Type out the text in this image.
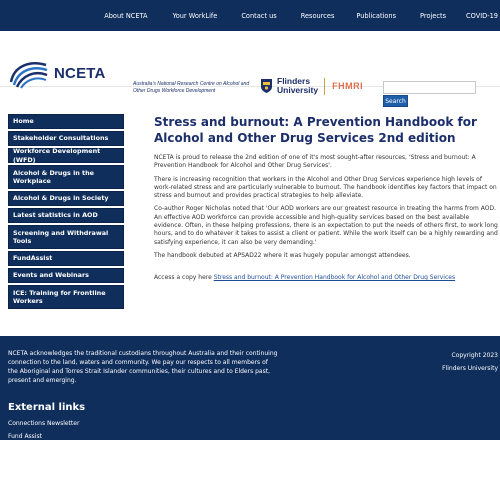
About NCETA	Your WorkLife	Contact us	Resources	Publications	Projects	COVID-19
NCETA
Australia's National Research Centre on Alcohol and Other Drugs Workforce Development
Flinders
University FHMRI
Search
Home
Stakeholder Consultations
Workforce Development (WFD)
Alcohol & Drugs in the Workplace
Alcohol & Drugs in Society
Latest statistics in AOD
Screening and Withdrawal Tools
FundAssist
Events and Webinars
ICE: Training for Frontline Workers
Stress and burnout: A Prevention Handbook for Alcohol and Other Drug Services 2nd edition

NCETA is proud to release the 2nd edition of one of it's most sought-after resources, 'Stress and burnout: A Prevention Handbook for Alcohol and Other Drug Services'.

There is increasing recognition that workers in the Alcohol and Other Drug Services experience high levels of work-related stress and are particularly vulnerable to burnout. The handbook identifies key factors that impact on stress and burnout and provides practical strategies to help alleviate.

Co-author Roger Nicholas noted that 'Our AOD workers are our greatest resource in treating the harms from AOD. An effective AOD workforce can provide accessible and high-quality services based on the best available evidence. Often, in these helping professions, there is an expectation to put the needs of others first, to work long hours, and to do whatever it takes to assist a client or patient. While the work itself can be a highly rewarding and satisfying experience, it can also be very demanding.'

The handbook debuted at APSAD22 where it was hugely popular amongst attendees.

Access a copy here Stress and burnout: A Prevention Handbook for Alcohol and Other Drug Services

NCETA acknowledges the traditional custodians throughout Australia and their continuing connection to the land, waters and community. We pay our respects to all members of the Aboriginal and Torres Strait Islander communities, their cultures and to Elders past, present and emerging.
Copyright 2023
Flinders University
External links
Connections Newsletter
Fund Assist
